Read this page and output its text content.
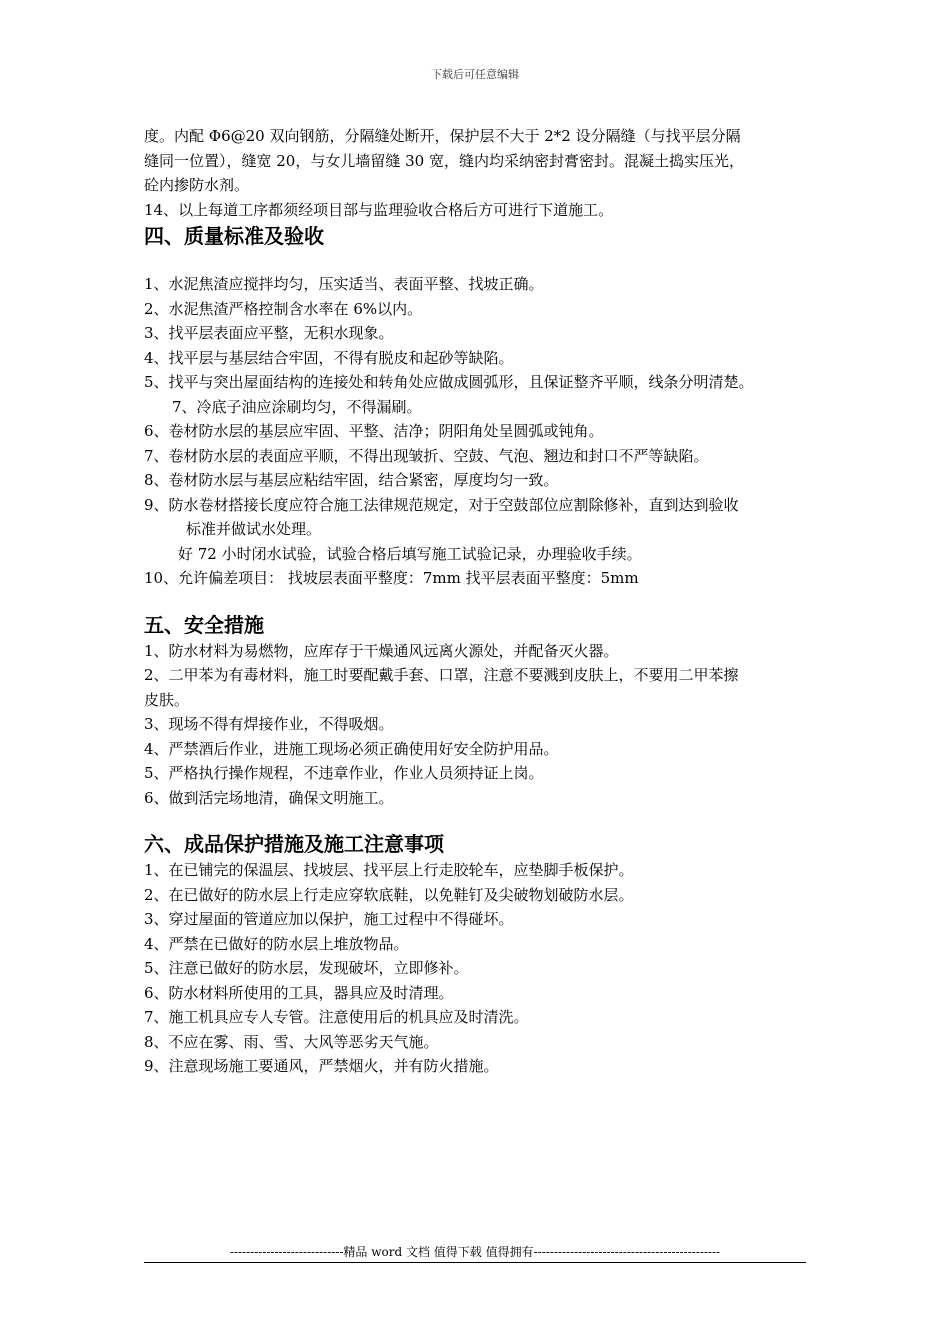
下载后可任意编辑

度。内配 Φ6@20 双向钢筋，分隔缝处断开，保护层不大于 2*2 设分隔缝（与找平层分隔

缝同一位置），缝宽 20，与女儿墙留缝 30 宽，缝内均采纳密封膏密封。混凝土捣实压光，

砼内掺防水剂。

14、以上每道工序都须经项目部与监理验收合格后方可进行下道施工。

四、质量标准及验收

1、水泥焦渣应搅拌均匀，压实适当、表面平整、找坡正确。

2、水泥焦渣严格控制含水率在 6%以内。

3、找平层表面应平整，无积水现象。

4、找平层与基层结合牢固，不得有脱皮和起砂等缺陷。

5、找平与突出屋面结构的连接处和转角处应做成圆弧形，且保证整齐平顺，线条分明清楚。

7、冷底子油应涂刷均匀，不得漏刷。

6、卷材防水层的基层应牢固、平整、洁净；阴阳角处呈圆弧或钝角。

7、卷材防水层的表面应平顺，不得出现皱折、空鼓、气泡、翘边和封口不严等缺陷。

8、卷材防水层与基层应粘结牢固，结合紧密，厚度均匀一致。

9、防水卷材搭接长度应符合施工法律规范规定，对于空鼓部位应割除修补，直到达到验收

标准并做试水处理。

好 72 小时闭水试验，试验合格后填写施工试验记录，办理验收手续。

10、允许偏差项目： 找坡层表面平整度：7mm 找平层表面平整度：5mm

五、安全措施

1、防水材料为易燃物，应库存于干燥通风远离火源处，并配备灭火器。

2、二甲苯为有毒材料，施工时要配戴手套、口罩，注意不要溅到皮肤上，不要用二甲苯擦

皮肤。

3、现场不得有焊接作业，不得吸烟。

4、严禁酒后作业，进施工现场必须正确使用好安全防护用品。

5、严格执行操作规程，不违章作业，作业人员须持证上岗。

6、做到活完场地清，确保文明施工。

六、成品保护措施及施工注意事项

1、在已铺完的保温层、找坡层、找平层上行走胶轮车，应垫脚手板保护。

2、在已做好的防水层上行走应穿软底鞋，以免鞋钉及尖破物划破防水层。

3、穿过屋面的管道应加以保护，施工过程中不得碰坏。

4、严禁在已做好的防水层上堆放物品。

5、注意已做好的防水层，发现破坏，立即修补。

6、防水材料所使用的工具，器具应及时清理。

7、施工机具应专人专管。注意使用后的机具应及时清洗。

8、不应在雾、雨、雪、大风等恶劣天气施。

9、注意现场施工要通风，严禁烟火，并有防火措施。

----------------------------精品 word 文档 值得下载 值得拥有----------------------------------------------
